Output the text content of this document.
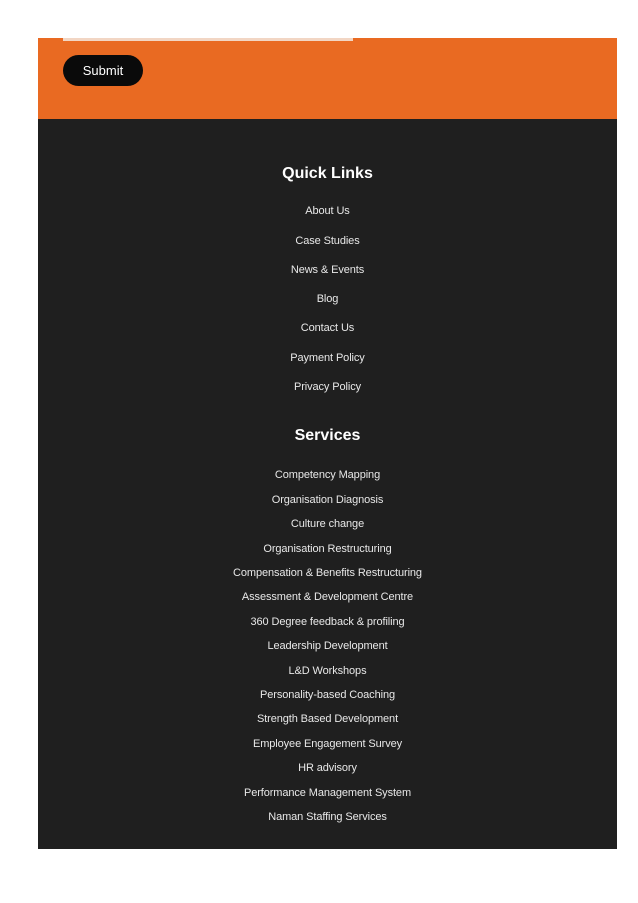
Submit
Quick Links
About Us
Case Studies
News & Events
Blog
Contact Us
Payment Policy
Privacy Policy
Services
Competency Mapping
Organisation Diagnosis
Culture change
Organisation Restructuring
Compensation & Benefits Restructuring
Assessment & Development Centre
360 Degree feedback & profiling
Leadership Development
L&D Workshops
Personality-based Coaching
Strength Based Development
Employee Engagement Survey
HR advisory
Performance Management System
Naman Staffing Services
